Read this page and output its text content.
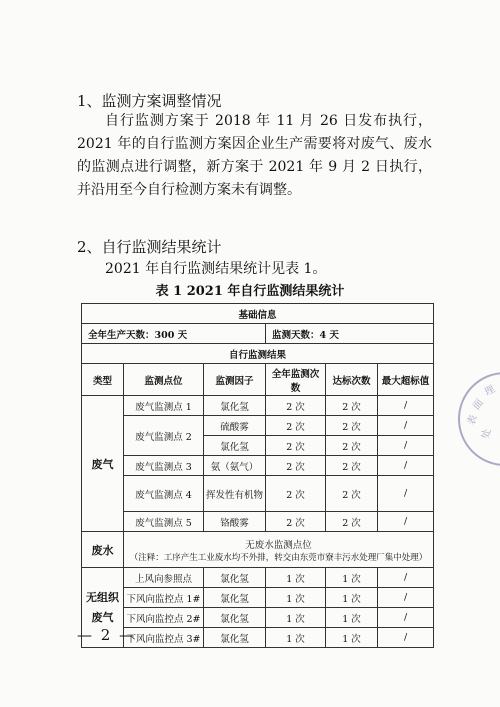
1、监测方案调整情况
自行监测方案于 2018 年 11 月 26 日发布执行，2021 年的自行监测方案因企业生产需要将对废气、废水的监测点进行调整，新方案于 2021 年 9 月 2 日执行，并沿用至今自行检测方案未有调整。
2、自行监测结果统计
2021 年自行监测结果统计见表 1。
表 1 2021 年自行监测结果统计
基础信息					
全年生产天数：300 天			监测天数：4 天		
自行监测结果					
类型	监测点位	监测因子	全年监测次数	达标次数	最大超标值
废气	废气监测点 1	氯化氢	2 次	2 次	/
	废气监测点 2	硫酸雾	2 次	2 次	/
		氯化氢	2 次	2 次	/
	废气监测点 3	氨（氨气）	2 次	2 次	/
	废气监测点 4	挥发性有机物	2 次	2 次	/
	废气监测点 5	铬酸雾	2 次	2 次	/
废水	无废水监测点位
（注释：工序产生工业废水均不外排，转交由东莞市寮丰污水处理厂集中处理）				

无组织废气	上风向参照点	氯化氢	1 次	1 次	/
	下风向监控点 1#	氯化氢	1 次	1 次	/
	下风向监控点 2#	氯化氢	1 次	1 次	/
	下风向监控点 3#	氯化氢	1 次	1 次	/
— 2 —
表
面
处
理
